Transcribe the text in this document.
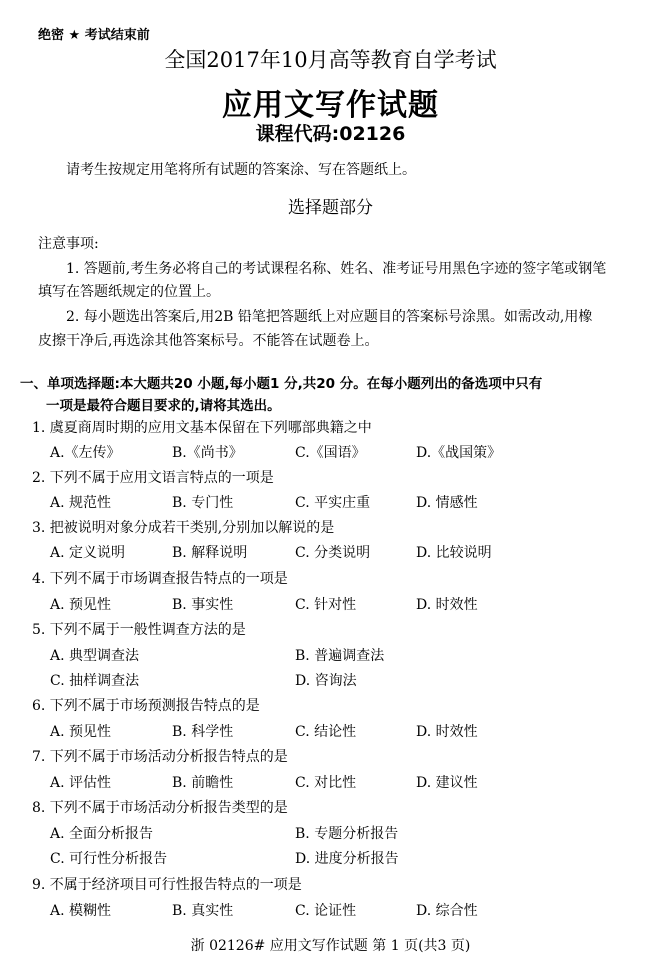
绝密 ★ 考试结束前
全国2017年10月高等教育自学考试
应用文写作试题
课程代码:02126
请考生按规定用笔将所有试题的答案涂、写在答题纸上。
选择题部分
注意事项:
1. 答题前,考生务必将自己的考试课程名称、姓名、准考证号用黑色字迹的签字笔或钢笔
填写在答题纸规定的位置上。
2. 每小题选出答案后,用2B 铅笔把答题纸上对应题目的答案标号涂黑。如需改动,用橡
皮擦干净后,再选涂其他答案标号。不能答在试题卷上。
一、单项选择题:本大题共20 小题,每小题1 分,共20 分。在每小题列出的备选项中只有
一项是最符合题目要求的,请将其选出。
1. 虞夏商周时期的应用文基本保留在下列哪部典籍之中
A.《左传》	B.《尚书》	C.《国语》	D.《战国策》
2. 下列不属于应用文语言特点的一项是
A. 规范性	B. 专门性	C. 平实庄重	D. 情感性
3. 把被说明对象分成若干类别,分别加以解说的是
A. 定义说明	B. 解释说明	C. 分类说明	D. 比较说明
4. 下列不属于市场调查报告特点的一项是
A. 预见性	B. 事实性	C. 针对性	D. 时效性
5. 下列不属于一般性调查方法的是
A. 典型调查法	B. 普遍调查法
C. 抽样调查法	D. 咨询法
6. 下列不属于市场预测报告特点的是
A. 预见性	B. 科学性	C. 结论性	D. 时效性
7. 下列不属于市场活动分析报告特点的是
A. 评估性	B. 前瞻性	C. 对比性	D. 建议性
8. 下列不属于市场活动分析报告类型的是
A. 全面分析报告	B. 专题分析报告
C. 可行性分析报告	D. 进度分析报告
9. 不属于经济项目可行性报告特点的一项是
A. 模糊性	B. 真实性	C. 论证性	D. 综合性
浙 02126# 应用文写作试题 第 1 页(共3 页)
